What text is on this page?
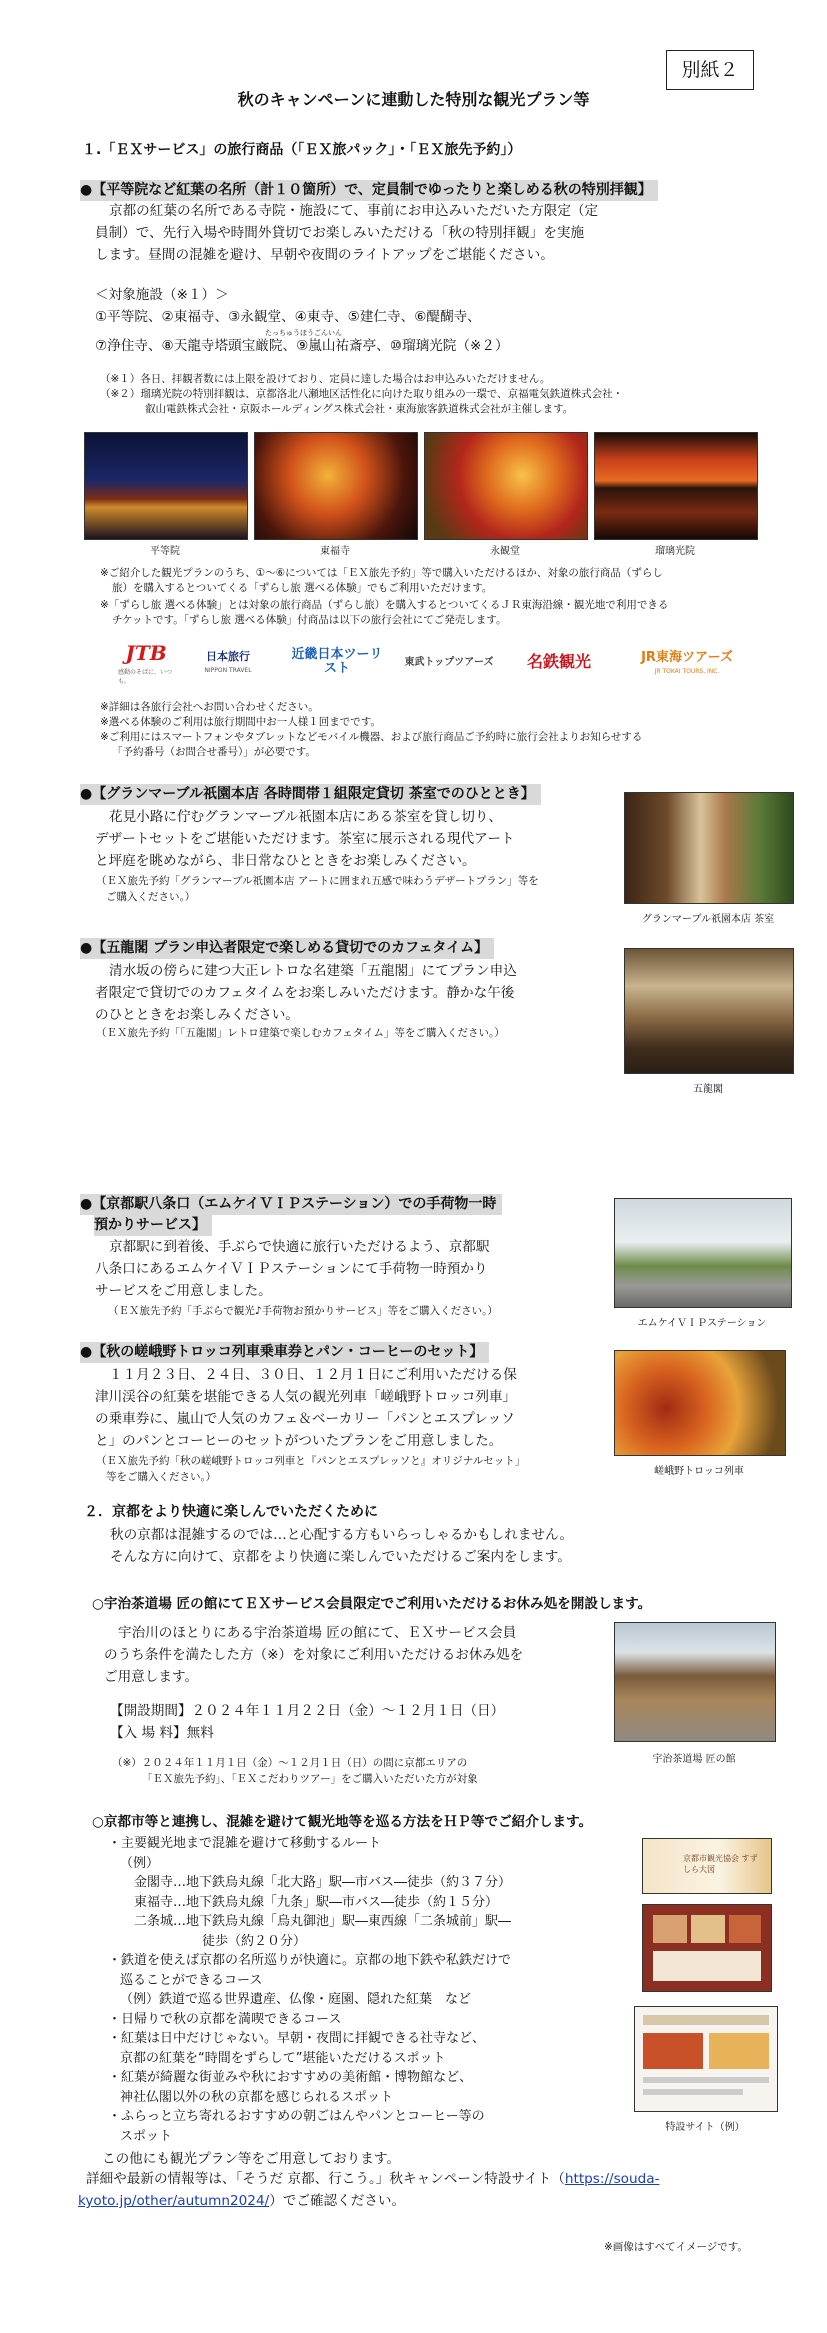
別紙２
秋のキャンペーンに連動した特別な観光プラン等
１.「ＥＸサービス」の旅行商品（「ＥＸ旅パック」・「ＥＸ旅先予約」）
●【平等院など紅葉の名所（計１０箇所）で、定員制でゆったりと楽しめる秋の特別拝観】
京都の紅葉の名所である寺院・施設にて、事前にお申込みいただいた方限定（定
員制）で、先行入場や時間外貸切でお楽しみいただける「秋の特別拝観」を実施
します。昼間の混雑を避け、早朝や夜間のライトアップをご堪能ください。
＜対象施設（※１）＞
①平等院、②東福寺、③永観堂、④東寺、⑤建仁寺、⑥醍醐寺、
たっちゅうほうごんいん
⑦浄住寺、⑧天龍寺塔頭宝厳院、⑨嵐山祐斎亭、⑩瑠璃光院（※２）
（※１）各日、拝観者数には上限を設けており、定員に達した場合はお申込みいただけません。
（※２）瑠璃光院の特別拝観は、京都洛北八瀬地区活性化に向けた取り組みの一環で、京福電気鉄道株式会社・
叡山電鉄株式会社・京阪ホールディングス株式会社・東海旅客鉄道株式会社が主催します。
平等院	東福寺	永観堂	瑠璃光院
※ご紹介した観光プランのうち、①～⑥については「ＥＸ旅先予約」等で購入いただけるほか、対象の旅行商品（ずらし
旅）を購入するとついてくる「ずらし旅 選べる体験」でもご利用いただけます。
※「ずらし旅 選べる体験」とは対象の旅行商品（ずらし旅）を購入するとついてくるＪＲ東海沿線・観光地で利用できる
チケットです。「ずらし旅 選べる体験」付商品は以下の旅行会社にてご発売します。
JTB
感動のそばに、いつも。
日本旅行
NIPPON TRAVEL
近畿日本ツーリスト	東武トップツアーズ	名鉄観光	JR東海ツアーズ
JR TOKAI TOURS, INC.
※詳細は各旅行会社へお問い合わせください。
※選べる体験のご利用は旅行期間中お一人様１回までです。
※ご利用にはスマートフォンやタブレットなどモバイル機器、および旅行商品ご予約時に旅行会社よりお知らせする
「予約番号（お問合せ番号）」が必要です。
●【グランマーブル祇園本店 各時間帯１組限定貸切 茶室でのひととき】
花見小路に佇むグランマーブル祇園本店にある茶室を貸し切り、
デザートセットをご堪能いただけます。茶室に展示される現代アート
と坪庭を眺めながら、非日常なひとときをお楽しみください。
（ＥＸ旅先予約「グランマーブル祇園本店 アートに囲まれ五感で味わうデザートプラン」等を
ご購入ください。）
グランマーブル祇園本店 茶室
●【五龍閣 プラン申込者限定で楽しめる貸切でのカフェタイム】
清水坂の傍らに建つ大正レトロな名建築「五龍閣」にてプラン申込
者限定で貸切でのカフェタイムをお楽しみいただけます。静かな午後
のひとときをお楽しみください。
（ＥＸ旅先予約「「五龍閣」レトロ建築で楽しむカフェタイム」等をご購入ください。）
五龍閣
●【京都駅八条口（エムケイＶＩＰステーション）での手荷物一時
預かりサービス】
京都駅に到着後、手ぶらで快適に旅行いただけるよう、京都駅
八条口にあるエムケイＶＩＰステーションにて手荷物一時預かり
サービスをご用意しました。
（ＥＸ旅先予約「手ぶらで観光♪手荷物お預かりサービス」等をご購入ください。）
エムケイＶＩＰステーション
●【秋の嵯峨野トロッコ列車乗車券とパン・コーヒーのセット】
１１月２３日、２４日、３０日、１２月１日にご利用いただける保
津川渓谷の紅葉を堪能できる人気の観光列車「嵯峨野トロッコ列車」
の乗車券に、嵐山で人気のカフェ＆ベーカリー「パンとエスプレッソ
と」のパンとコーヒーのセットがついたプランをご用意しました。
（ＥＸ旅先予約「秋の嵯峨野トロッコ列車と『パンとエスプレッソと』オリジナルセット」
等をご購入ください。）	嵯峨野トロッコ列車
２．京都をより快適に楽しんでいただくために
秋の京都は混雑するのでは…と心配する方もいらっしゃるかもしれません。
そんな方に向けて、京都をより快適に楽しんでいただけるご案内をします。
○宇治茶道場 匠の館にてＥＸサービス会員限定でご利用いただけるお休み処を開設します。
宇治川のほとりにある宇治茶道場 匠の館にて、ＥＸサービス会員
のうち条件を満たした方（※）を対象にご利用いただけるお休み処を
ご用意します。
【開設期間】２０２４年１１月２２日（金）～１２月１日（日）
【入 場 料】無料
（※）２０２４年１１月１日（金）～１２月１日（日）の間に京都エリアの
「ＥＸ旅先予約」、「ＥＸこだわりツアー」をご購入いただいた方が対象
宇治茶道場 匠の館
○京都市等と連携し、混雑を避けて観光地等を巡る方法をＨＰ等でご紹介します。
・主要観光地まで混雑を避けて移動するルート
（例）
金閣寺…地下鉄烏丸線「北大路」駅―市バス―徒歩（約３７分）
東福寺…地下鉄烏丸線「九条」駅―市バス―徒歩（約１５分）
二条城…地下鉄烏丸線「烏丸御池」駅―東西線「二条城前」駅―
徒歩（約２０分）
・鉄道を使えば京都の名所巡りが快適に。京都の地下鉄や私鉄だけで
巡ることができるコース
（例）鉄道で巡る世界遺産、仏像・庭園、隠れた紅葉　など
・日帰りで秋の京都を満喫できるコース
・紅葉は日中だけじゃない。早朝・夜間に拝観できる社寺など、
京都の紅葉を“時間をずらして”堪能いただけるスポット
・紅葉が綺麗な街並みや秋におすすめの美術館・博物館など、
神社仏閣以外の秋の京都を感じられるスポット
・ふらっと立ち寄れるおすすめの朝ごはんやパンとコーヒー等の
スポット
京都市観光協会 すずしら大図
特設サイト（例）
この他にも観光プラン等をご用意しております。
詳細や最新の情報等は、「そうだ 京都、行こう。」秋キャンペーン特設サイト（https://souda-
kyoto.jp/other/autumn2024/）でご確認ください。
※画像はすべてイメージです。
